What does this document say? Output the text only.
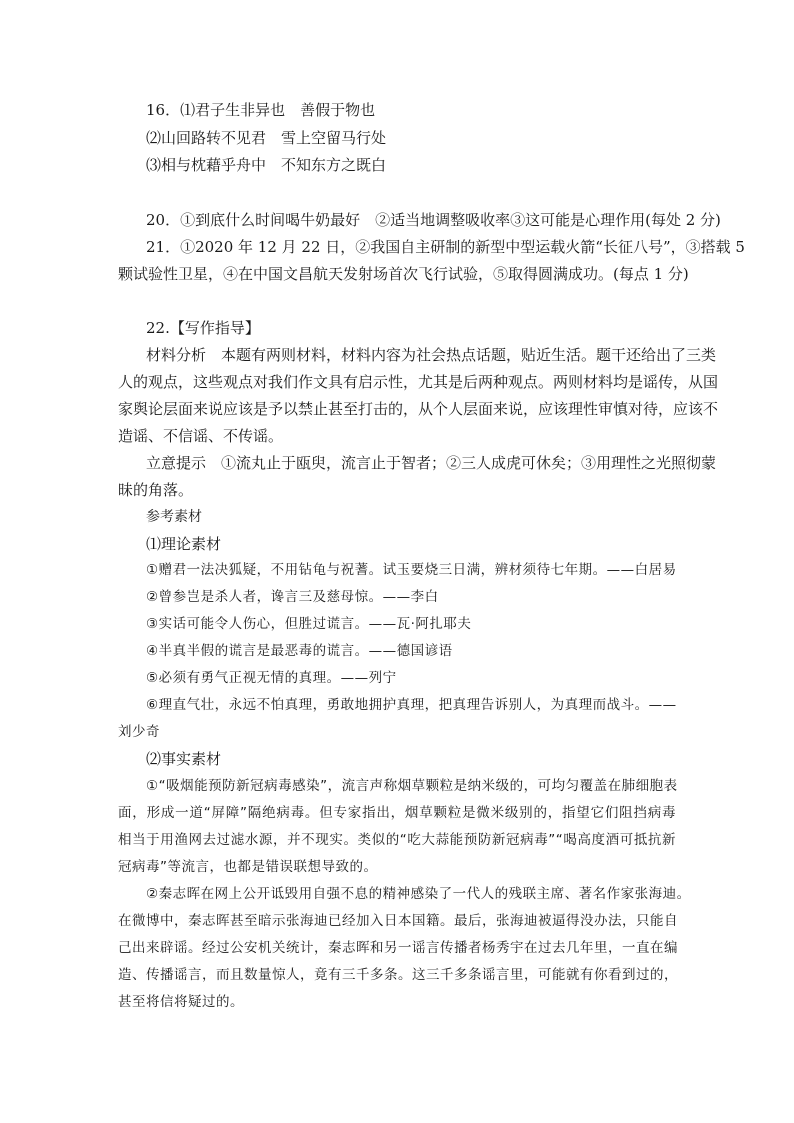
16．⑴君子生非异也　善假于物也
⑵山回路转不见君　雪上空留马行处
⑶相与枕藉乎舟中　不知东方之既白
20．①到底什么时间喝牛奶最好　②适当地调整吸收率③这可能是心理作用(每处 2 分)
21．①2020 年 12 月 22 日，②我国自主研制的新型中型运载火箭“长征八号”，③搭载 5
颗试验性卫星，④在中国文昌航天发射场首次飞行试验，⑤取得圆满成功。(每点 1 分)
22.【写作指导】
材料分析　本题有两则材料，材料内容为社会热点话题，贴近生活。题干还给出了三类
人的观点，这些观点对我们作文具有启示性，尤其是后两种观点。两则材料均是谣传，从国
家舆论层面来说应该是予以禁止甚至打击的，从个人层面来说，应该理性审慎对待，应该不
造谣、不信谣、不传谣。
立意提示　①流丸止于瓯臾，流言止于智者；②三人成虎可休矣；③用理性之光照彻蒙
昧的角落。
参考素材
⑴理论素材
①赠君一法决狐疑，不用钻龟与祝蓍。试玉要烧三日满，辨材须待七年期。——白居易
②曾参岂是杀人者，谗言三及慈母惊。——李白
③实话可能令人伤心，但胜过谎言。——瓦·阿扎耶夫
④半真半假的谎言是最恶毒的谎言。——德国谚语
⑤必须有勇气正视无情的真理。——列宁
⑥理直气壮，永远不怕真理，勇敢地拥护真理，把真理告诉别人，为真理而战斗。——
刘少奇
⑵事实素材
①“吸烟能预防新冠病毒感染”，流言声称烟草颗粒是纳米级的，可均匀覆盖在肺细胞表
面，形成一道“屏障”隔绝病毒。但专家指出，烟草颗粒是微米级别的，指望它们阻挡病毒
相当于用渔网去过滤水源，并不现实。类似的“吃大蒜能预防新冠病毒”“喝高度酒可抵抗新
冠病毒”等流言，也都是错误联想导致的。
②秦志晖在网上公开诋毁用自强不息的精神感染了一代人的残联主席、著名作家张海迪。
在微博中，秦志晖甚至暗示张海迪已经加入日本国籍。最后，张海迪被逼得没办法，只能自
己出来辟谣。经过公安机关统计，秦志晖和另一谣言传播者杨秀宇在过去几年里，一直在编
造、传播谣言，而且数量惊人，竟有三千多条。这三千多条谣言里，可能就有你看到过的，
甚至将信将疑过的。
